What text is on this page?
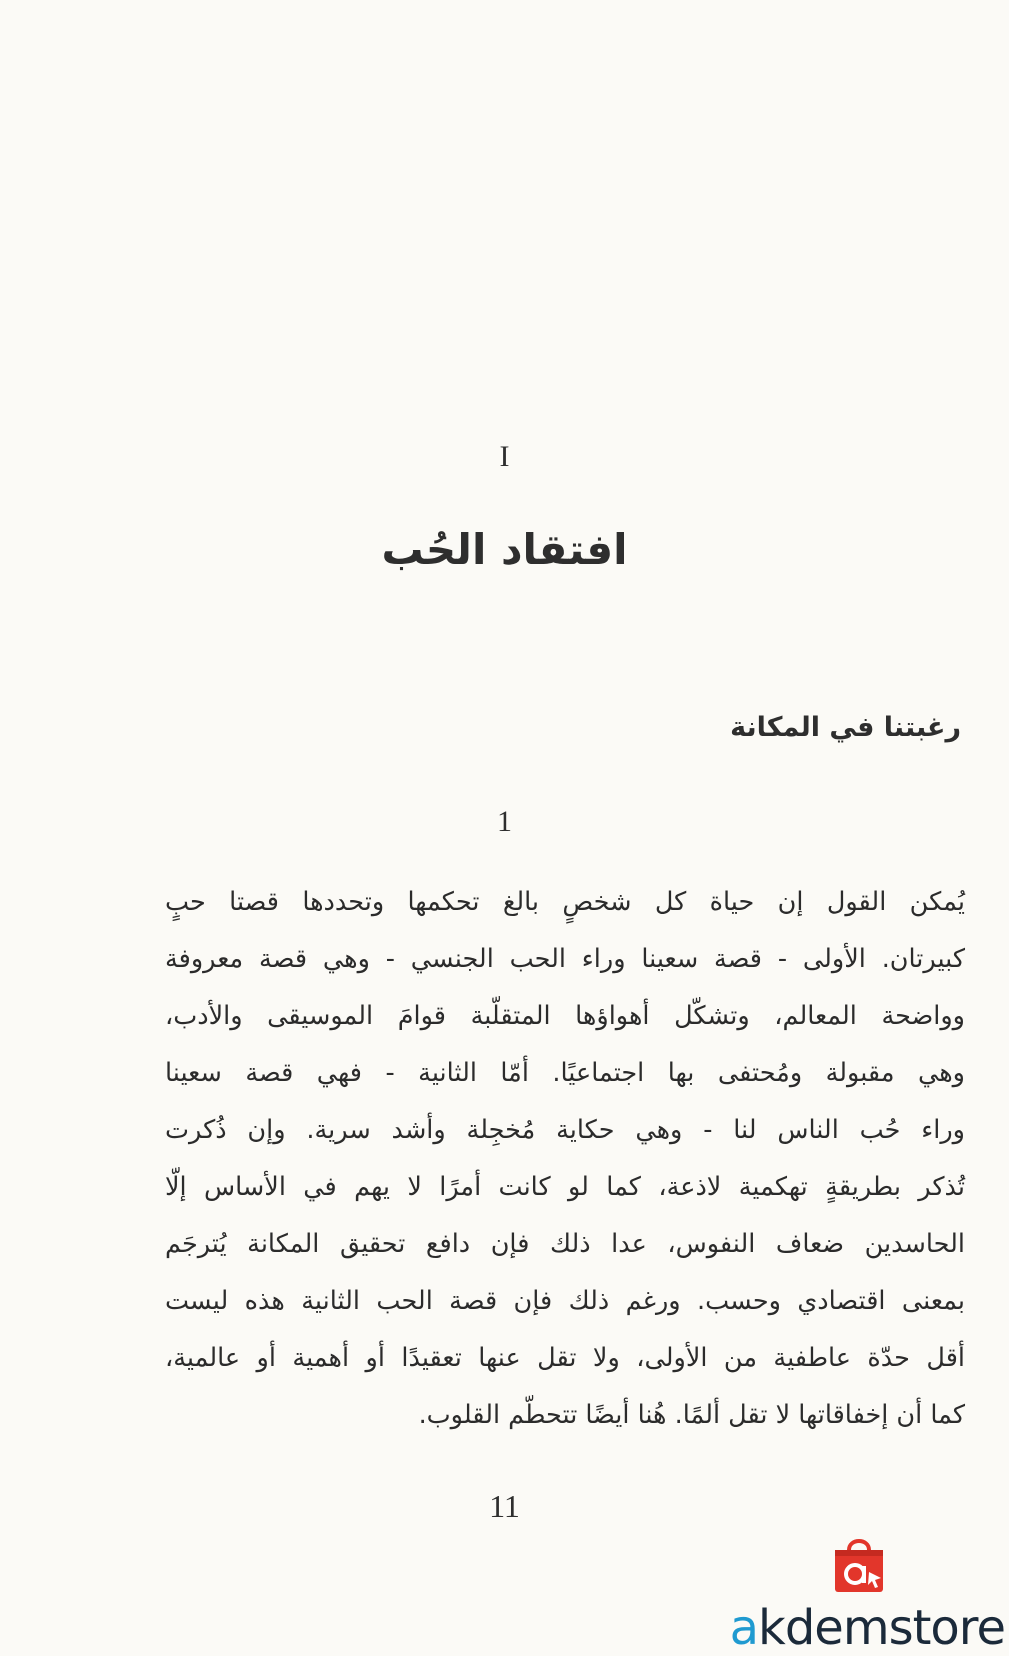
I
افتقاد الحُب
رغبتنا في المكانة
1
يُمكن القول إن حياة كل شخصٍ بالغ تحكمها وتحددها قصتا حبٍ
كبيرتان. الأولى - قصة سعينا وراء الحب الجنسي - وهي قصة معروفة
وواضحة المعالم، وتشكّل أهواؤها المتقلّبة قوامَ الموسيقى والأدب،
وهي مقبولة ومُحتفى بها اجتماعيًا. أمّا الثانية - فهي قصة سعينا
وراء حُب الناس لنا - وهي حكاية مُخجِلة وأشد سرية. وإن ذُكرت
تُذكر بطريقةٍ تهكمية لاذعة، كما لو كانت أمرًا لا يهم في الأساس إلّا
الحاسدين ضعاف النفوس، عدا ذلك فإن دافع تحقيق المكانة يُترجَم
بمعنى اقتصادي وحسب. ورغم ذلك فإن قصة الحب الثانية هذه ليست
أقل حدّة عاطفية من الأولى، ولا تقل عنها تعقيدًا أو أهمية أو عالمية،
كما أن إخفاقاتها لا تقل ألمًا. هُنا أيضًا تتحطّم القلوب.
11
akdemstore
